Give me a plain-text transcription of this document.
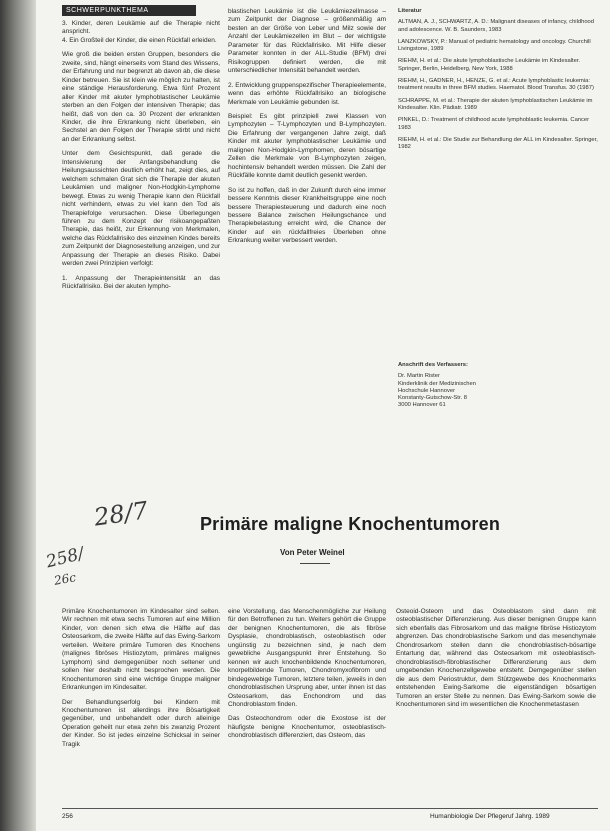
SCHWERPUNKTHEMA

3. Kinder, deren Leukämie auf die Therapie nicht anspricht.
4. Ein Großteil der Kinder, die einen Rückfall erleiden.

Wie groß die beiden ersten Gruppen, besonders die zweite, sind, hängt einerseits vom Stand des Wissens, der Erfahrung und nur begrenzt ab davon ab, die diese Kinder betreuen. Sie ist klein wie möglich zu halten, ist eine ständige Herausforderung. Etwa fünf Prozent aller Kinder mit akuter lymphoblastischer Leukämie sterben an den Folgen der intensiven Therapie; das heißt, daß von den ca. 30 Prozent der erkrankten Kinder, die ihre Erkrankung nicht überleben, ein Sechstel an den Folgen der Therapie stirbt und nicht an der Erkrankung selbst.

Unter dem Gesichtspunkt, daß gerade die Intensivierung der Anfangsbehandlung die Heilungsaussichten deutlich erhöht hat, zeigt dies, auf welchem schmalen Grat sich die Therapie der akuten Leukämien und maligner Non-Hodgkin-Lymphome bewegt. Etwas zu wenig Therapie kann den Rückfall nicht verhindern, etwas zu viel kann den Tod als Therapiefolge verursachen. Diese Überlegungen führen zu dem Konzept der risikoangepaßten Therapie, das heißt, zur Erkennung von Merkmalen, welche das Rückfallrisiko des einzelnen Kindes bereits zum Zeitpunkt der Diagnosestellung anzeigen, und zur Anpassung der Therapie an dieses Risiko. Dabei werden zwei Prinzipien verfolgt:

1. Anpassung der Therapieintensität an das Rückfallrisiko. Bei der akuten lympho-

blastischen Leukämie ist die Leukämiezellmasse – zum Zeitpunkt der Diagnose – größenmäßig am besten an der Größe von Leber und Milz sowie der Anzahl der Leukämiezellen im Blut – der wichtigste Parameter für das Rückfallrisiko. Mit Hilfe dieser Parameter konnten in der ALL-Studie (BFM) drei Risikogruppen definiert werden, die mit unterschiedlicher Intensität behandelt werden.

2. Entwicklung gruppenspezifischer Therapieelemente, wenn das erhöhte Rückfallrisiko an biologische Merkmale von Leukämie gebunden ist.

Beispiel: Es gibt prinzipiell zwei Klassen von Lymphozyten – T-Lymphozyten und B-Lymphozyten. Die Erfahrung der vergangenen Jahre zeigt, daß Kinder mit akuter lymphoblastischer Leukämie und malignen Non-Hodgkin-Lymphomen, deren bösartige Zellen die Merkmale von B-Lymphozyten zeigen, hochintensiv behandelt werden müssen. Die Zahl der Rückfälle konnte damit deutlich gesenkt werden.

So ist zu hoffen, daß in der Zukunft durch eine immer bessere Kenntnis dieser Krankheitsgruppe eine noch bessere Therapiesteuerung und dadurch eine noch bessere Balance zwischen Heilungschance und Therapiebelastung erreicht wird, die Chance der Kinder auf ein rückfallfreies Überleben ohne Erkrankung weiter verbessert werden.

Literatur
ALTMAN, A. J., SCHWARTZ, A. D.: Malignant diseases of infancy, childhood and adolescence. W. B. Saunders, 1983
LANZKOWSKY, P.: Manual of pediatric hematology and oncology. Churchill Livingstone, 1989
RIEHM, H. et al.: Die akute lymphoblastische Leukämie im Kindesalter. Springer, Berlin, Heidelberg, New York, 1988
RIEHM, H., GADNER, H., HENZE, G. et al.: Acute lymphoblastic leukemia: treatment results in three BFM studies. Haematol. Blood Transfus. 30 (1987)
SCHRAPPE, M. et al.: Therapie der akuten lymphoblastischen Leukämie im Kindesalter. Klin. Pädiatr. 1989
PINKEL, D.: Treatment of childhood acute lymphoblastic leukemia. Cancer 1983
RIEHM, H. et al.: Die Studie zur Behandlung der ALL im Kindesalter. Springer, 1982
Anschrift des Verfassers:
Dr. Martin Rister
Kinderklinik der Medizinischen
Hochschule Hannover
Konstanty-Gutschow-Str. 8
3000 Hannover 61
28/7
258/
26c
Primäre maligne Knochentumoren
Von Peter Weinel

Primäre Knochentumoren im Kindesalter sind selten. Wir rechnen mit etwa sechs Tumoren auf eine Million Kinder, von denen sich etwa die Hälfte auf das Osteosarkom, die zweite Hälfte auf das Ewing-Sarkom verteilen. Weitere primäre Tumoren des Knochens (malignes fibröses Histiozytom, primäres malignes Lymphom) sind demgegenüber noch seltener und sollen hier deshalb nicht besprochen werden. Die Knochentumoren sind eine wichtige Gruppe maligner Erkrankungen im Kindesalter.

Der Behandlungserfolg bei Kindern mit Knochentumoren ist allerdings ihre Bösartigkeit gegenüber, und unbehandelt oder durch alleinige Operation geheilt nur etwa zehn bis zwanzig Prozent der Kinder. So ist jedes einzelne Schicksal in seiner Tragik

eine Vorstellung, das Menschenmögliche zur Heilung für den Betroffenen zu tun. Weiters gehört die Gruppe der benignen Knochentumoren, die als fibröse Dysplasie, chondroblastisch, osteoblastisch oder ungünstig zu bezeichnen sind, je nach dem gewebliche Ausgangspunkt ihrer Entstehung. So kennen wir auch knochenbildende Knochentumoren, knorpelbildende Tumoren, Chondromyxofibrom und bindegewebige Tumoren, letztere teilen, jeweils in den chondroblastischen Ursprung aber, unter ihnen ist das Osteosarkom, das Enchondrom und das Chondroblastom finden.

Das Osteochondrom oder die Exostose ist der häufigste benigne Knochentumor, osteoblastisch-chondroblastisch differenziert, das Osteom, das

Osteoid-Osteom und das Osteoblastom sind dann mit osteoblastischer Differenzierung. Aus dieser benignen Gruppe kann sich ebenfalls das Fibrosarkom und das maligne fibröse Histiozytom abgrenzen. Das chondroblastische Sarkom und das mesenchymale Chondrosarkom stellen dann die chondroblastisch-bösartige Entartung dar, während das Osteosarkom mit osteoblastisch-chondroblastisch-fibroblastischer Differenzierung aus dem umgebenden Knochenzellgewebe entsteht. Demgegenüber stellen die aus dem Periostruktur, dem Stützgewebe des Knochenmarks entstehenden Ewing-Sarkome die eigenständigen bösartigen Tumoren an erster Stelle zu nennen. Das Ewing-Sarkom sowie die Knochentumoren sind im wesentlichen die Knochenmetastasen

256	Humanbiologie Der Pflegeruf Jahrg. 1989
